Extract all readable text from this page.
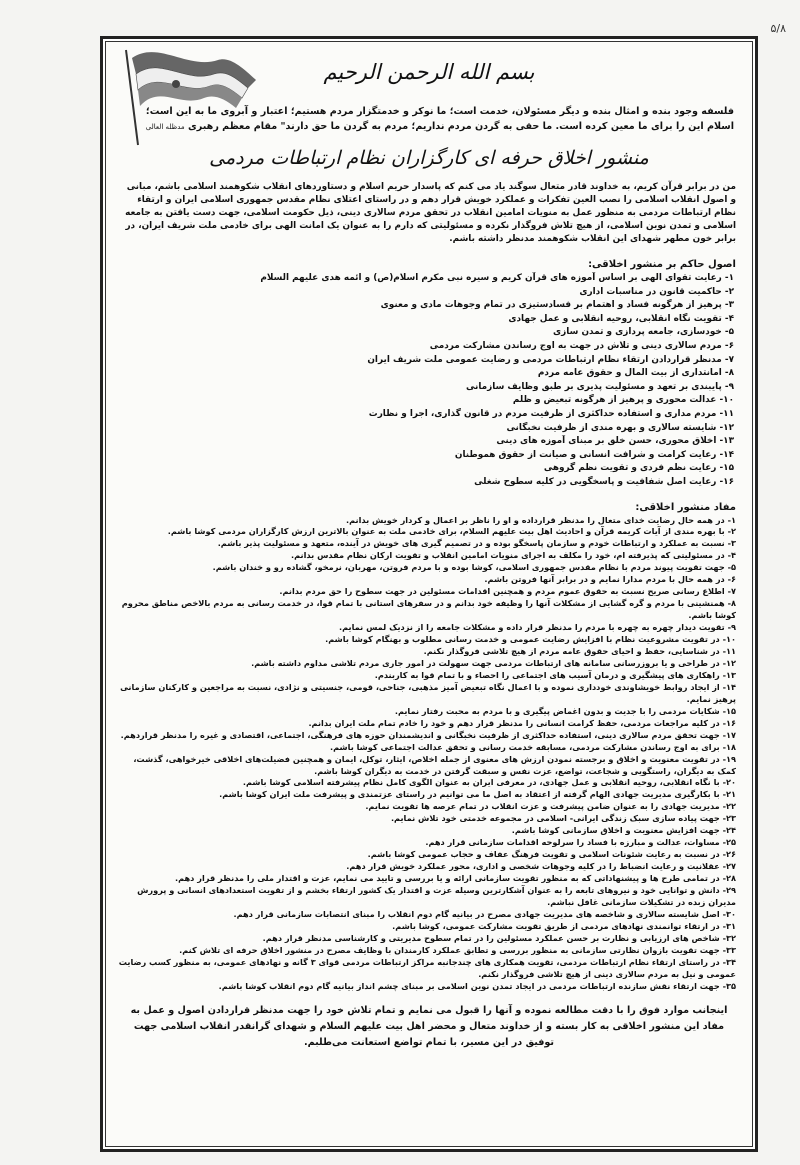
۵/۸
بسم الله الرحمن الرحیم
فلسفه وجود بنده و امثال بنده و دیگر مسئولان، خدمت است؛ ما نوکر و خدمتگزار مردم هستیم؛ اعتبار و آبروی ما به این است؛
اسلام این را برای ما معین کرده است. ما حقی به گردن مردم نداریم؛ مردم به گردن ما حق دارند" مقام معظم رهبری مدظله العالی
منشور اخلاق حرفه ای کارگزاران نظام ارتباطات مردمی
من در برابر قرآن کریم، به خداوند قادر متعال سوگند یاد می کنم که پاسدار حریم اسلام و دستاوردهای انقلاب شکوهمند اسلامی باشم، مبانی و اصول انقلاب اسلامی را نصب العین تفکرات و عملکرد خویش قرار دهم و در راستای اعتلای نظام مقدس جمهوری اسلامی ایران و ارتقاء نظام ارتباطات مردمی به منظور عمل به منویات امامین انقلاب در تحقق مردم سالاری دینی، ذیل حکومت اسلامی، جهت دست یافتن به جامعه اسلامی و تمدن نوین اسلامی، از هیچ تلاش فروگذار نکرده و مسئولیتی که دارم را به عنوان یک امانت الهی برای خادمی ملت شریف ایران، در برابر خون مطهر شهدای این انقلاب شکوهمند مدنظر داشته باشم.
اصول حاکم بر منشور اخلاقی:
۱- رعایت تقوای الهی بر اساس آموزه های قرآن کریم و سیره نبی مکرم اسلام(ص) و ائمه هدی علیهم السلام
۲- حاکمیت قانون در مناسبات اداری
۳- پرهیز از هرگونه فساد و اهتمام بر فسادستیزی در تمام وجوهات مادی و معنوی
۴- تقویت نگاه انقلابی، روحیه انقلابی و عمل جهادی
۵- خودسازی، جامعه پردازی و تمدن سازی
۶- مردم سالاری دینی و تلاش در جهت به اوج رساندن مشارکت مردمی
۷- مدنظر قراردادن ارتقاء نظام ارتباطات مردمی و رضایت عمومی ملت شریف ایران
۸- امانتداری از بیت المال و حقوق عامه مردم
۹- پایبندی بر تعهد و مسئولیت پذیری بر طبق وظایف سازمانی
۱۰- عدالت محوری و پرهیز از هرگونه تبعیض و ظلم
۱۱- مردم مداری و استفاده حداکثری از ظرفیت مردم در قانون گذاری، اجرا و نظارت
۱۲- شایسته سالاری و بهره مندی از ظرفیت نخبگانی
۱۳- اخلاق محوری، حسن خلق بر مبنای آموزه های دینی
۱۴- رعایت کرامت و شرافت انسانی و صیانت از حقوق هموطنان
۱۵- رعایت نظم فردی و تقویت نظم گروهی
۱۶- رعایت اصل شفافیت و پاسخگویی در کلیه سطوح شغلی
مفاد منشور اخلاقی:
۱- در همه حال رضایت خدای متعال را مدنظر قرارداده و او را ناظر بر اعمال و کردار خویش بدانم.
۲- با بهره مندی از آیات کریمه قرآن و احادیث اهل بیت علیهم السلام، برای خادمی ملت به عنوان بالاترین ارزش کارگزاران مردمی کوشا باشم.
۳- نسبت به عملکرد و ارتباطات خودم و سازمان پاسخگو بوده و در تصمیم گیری های خویش در آینده، متعهد و مسئولیت پذیر باشم.
۴- در مسئولیتی که پذیرفته ام، خود را مکلف به اجرای منویات امامین انقلاب و تقویت ارکان نظام مقدس بدانم.
۵- جهت تقویت پیوند مردم با نظام مقدس جمهوری اسلامی، کوشا بوده و با مردم فروتن، مهربان، نرمخو، گشاده رو و خندان باشم.
۶- در همه حال با مردم مدارا نمایم و در برابر آنها فروتن باشم.
۷- اطلاع رسانی صریح نسبت به حقوق عموم مردم و همچنین اقدامات مسئولین در جهت سطوح را حق مردم بدانم.
۸- همنشینی با مردم و گره گشایی از مشکلات آنها را وظیفه خود بدانم و در سفرهای استانی با تمام قوا، در خدمت رسانی به مردم بالاخص مناطق محروم کوشا باشم.
۹- تقویت دیدار چهره به چهره با مردم را مدنظر قرار داده و مشکلات جامعه را از نزدیک لمس نمایم.
۱۰- در تقویت مشروعیت نظام با افزایش رضایت عمومی و خدمت رسانی مطلوب و بهنگام کوشا باشم.
۱۱- در شناسایی، حفظ و احیای حقوق عامه مردم از هیچ تلاشی فروگذار نکنم.
۱۲- در طراحی و یا بروزرسانی سامانه های ارتباطات مردمی جهت سهولت در امور جاری مردم تلاشی مداوم داشته باشم.
۱۳- راهکاری های پیشگیری و درمان آسیب های اجتماعی را احصاء و با تمام قوا به کاربندم.
۱۴- از ایجاد روابط خویشاوندی خودداری نموده و با اعمال نگاه تبعیض آمیز مذهبی، جناحی، قومی، جنسیتی و نژادی، نسبت به مراجعین و کارکنان سازمانی پرهیز نمایم.
۱۵- شکایات مردمی را با جدیت و بدون اغماض پیگیری و با مردم به محبت رفتار نمایم.
۱۶- در کلیه مراجعات مردمی، حفظ کرامت انسانی را مدنظر قرار دهم و خود را خادم تمام ملت ایران بدانم.
۱۷- جهت تحقق مردم سالاری دینی، استفاده حداکثری از ظرفیت نخبگانی و اندیشمندان حوزه های فرهنگی، اجتماعی، اقتصادی و غیره را مدنظر قراردهم.
۱۸- برای به اوج رساندن مشارکت مردمی، مسابقه خدمت رسانی و تحقق عدالت اجتماعی کوشا باشم.
۱۹- در تقویت معنویت و اخلاق و برجسته نمودن ارزش های معنوی از جمله اخلاص، ایثار، توکل، ایمان و همچنین فضیلت‌های اخلاقی خیرخواهی، گذشت، کمک به دیگران، راستگویی و شجاعت، تواضع، عزت نفس و سبقت گرفتن در خدمت به دیگران کوشا باشم.
۲۰- با نگاه انقلابی، روحیه انقلابی و عمل جهادی، در معرفی ایران به عنوان الگوی کامل نظام پیشرفته اسلامی کوشا باشم.
۲۱- با بکارگیری مدیریت جهادی الهام گرفته از اعتقاد به اصل ما می توانیم در راستای عزتمندی و پیشرفت ملت ایران کوشا باشم.
۲۲- مدیریت جهادی را به عنوان ضامن پیشرفت و عزت انقلاب در تمام عرصه ها تقویت نمایم.
۲۳- جهت پیاده سازی سبک زندگی ایرانی- اسلامی در مجموعه خدمتی خود تلاش نمایم.
۲۴- جهت افزایش معنویت و اخلاق سازمانی کوشا باشم.
۲۵- مساوات، عدالت و مبارزه با فساد را سرلوحه اقدامات سازمانی قرار دهم.
۲۶- در نسبت به رعایت شئونات اسلامی و تقویت فرهنگ عفاف و حجاب عمومی کوشا باشم.
۲۷- عقلانیت و رعایت انضباط را در کلیه وجوهات شخصی و اداری، محور عملکرد خویش قرار دهم.
۲۸- در تمامی طرح ها و پیشنهاداتی که به منظور تقویت سازمانی ارائه و یا بررسی و تایید می نمایم، عزت و اقتدار ملی را مدنظر قرار دهم.
۲۹- دانش و توانایی خود و نیروهای تابعه را به عنوان آشکارترین وسیله عزت و اقتدار یک کشور ارتقاء بخشم و از تقویت استعدادهای انسانی و پرورش مدیران زبده در تشکیلات سازمانی غافل نباشم.
۳۰- اصل شایسته سالاری و شاخصه های مدیریت جهادی مصرح در بیانیه گام دوم انقلاب را مبنای انتصابات سازمانی قرار دهم.
۳۱- در ارتقاء توانمندی نهادهای مردمی از طریق تقویت مشارکت عمومی، کوشا باشم.
۳۲- شاخص های ارزیابی و نظارت بر حسن عملکرد مسئولین را در تمام سطوح مدیریتی و کارشناسی مدنظر قرار دهم.
۳۳- جهت تقویت بازوان نظارتی سازمانی به منظور بررسی و تطابق عملکرد کارمندان با وظایف مصرح در منشور اخلاق حرفه ای تلاش کنم.
۳۴- در راستای ارتقاء نظام ارتباطات مردمی، تقویت همکاری های چندجانبه مراکز ارتباطات مردمی قوای ۳ گانه و نهادهای عمومی، به منظور کسب رضایت عمومی و نیل به مردم سالاری دینی از هیچ تلاشی فروگذار نکنم.
۳۵- جهت ارتقاء نقش سازنده ارتباطات مردمی در ایجاد تمدن نوین اسلامی بر مبنای چشم انداز بیانیه گام دوم انقلاب کوشا باشم.
اینجانب موارد فوق را با دقت مطالعه نموده و آنها را قبول می نمایم و تمام تلاش خود را جهت مدنظر قراردادن اصول و عمل به مفاد این منشور اخلاقی به کار بسته و از خداوند متعال و محضر اهل بیت علیهم السلام و شهدای گرانقدر انقلاب اسلامی جهت توفیق در این مسیر، با تمام تواضع استعانت می‌طلبم.
